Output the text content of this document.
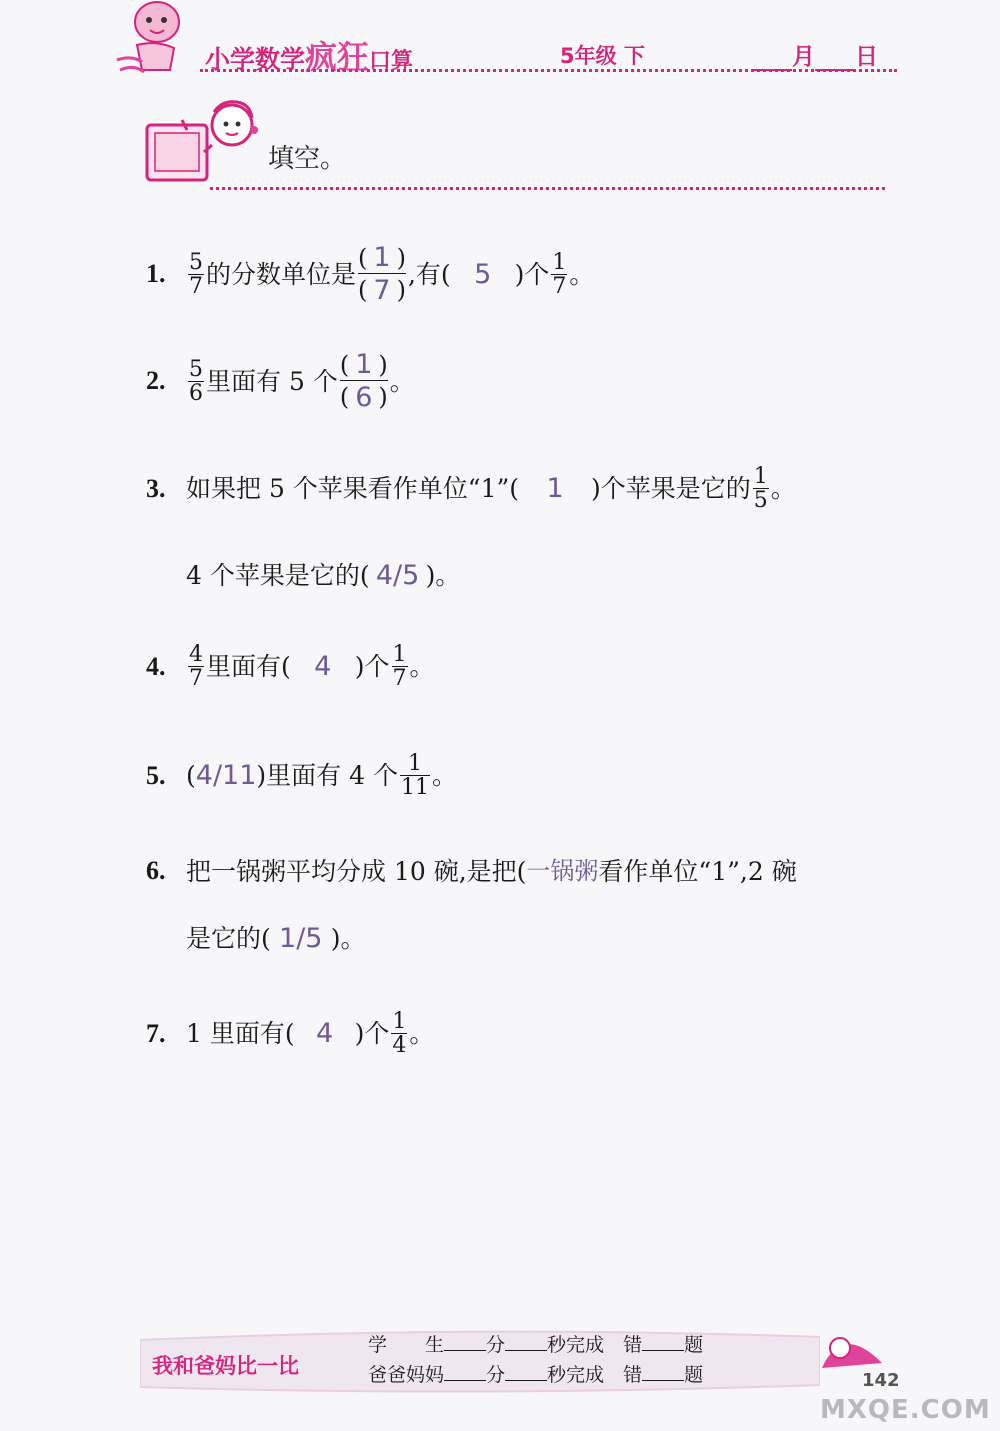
小学数学疯狂口算	5年级 下	月 日
填空。
1.	$\frac{5}{7}$ 的分数单位是 $\frac{( 1 )}{( 7 )}$ ,有( 5 )个 $\frac{1}{7}$ 。
2.	$\frac{5}{6}$ 里面有 5 个 $\frac{( 1 )}{( 6 )}$ 。
3. 如果把 5 个苹果看作单位“1”(	1	)个苹果是它的 $\frac{1}{5}$ 。
4 个苹果是它的( 4/5 )。
4.	$\frac{4}{7}$ 里面有( 4 )个 $\frac{1}{7}$ 。
5. ( 4/11 )里面有 4 个 $\frac{1}{11}$ 。
6. 把一锅粥平均分成 10 碗,是把( 一锅粥 看作单位“1”,2 碗
是它的( 1/5 )。
7. 1 里面有( 4 )个 $\frac{1}{4}$ 。
我和爸妈比一比
学　　生 分 秒完成　 错 题
爸爸妈妈 分 秒完成　 错 题	142
MXQE.COM
